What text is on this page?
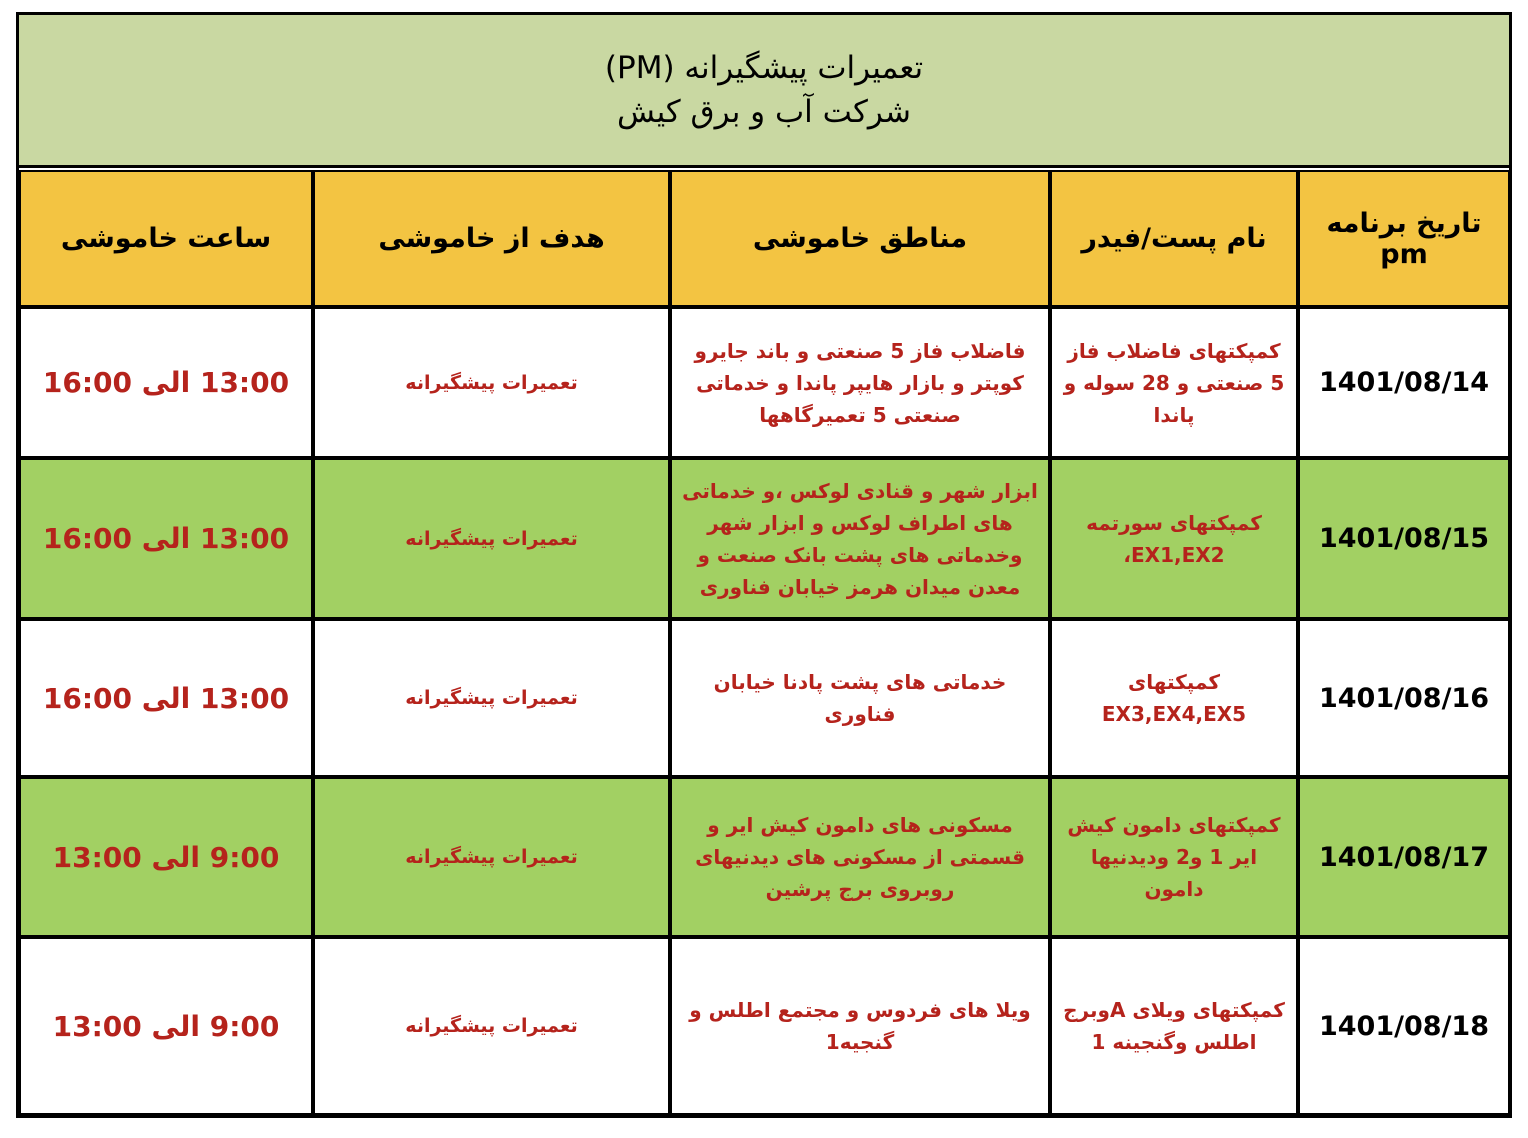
تعمیرات پیشگیرانه (PM)
شرکت آب و برق کیش
تاریخ برنامه pm
نام پست/فیدر
مناطق خاموشی
هدف از خاموشی
ساعت خاموشی
1401/08/14
کمپکتهای فاضلاب فاز 5 صنعتی و 28 سوله و پاندا
فاضلاب فاز 5 صنعتی و باند جایرو کوپتر و بازار هایپر پاندا و خدماتی صنعتی 5 تعمیرگاهها
تعمیرات پیشگیرانه
13:00 الی 16:00
1401/08/15
کمپکتهای سورتمه EX1,EX2،
ابزار شهر و قنادی لوکس ،و خدماتی های اطراف لوکس و ابزار شهر وخدماتی های پشت بانک صنعت و معدن میدان هرمز خیابان فناوری
تعمیرات پیشگیرانه
13:00 الی 16:00
1401/08/16
کمپکتهای EX3,EX4,EX5
خدماتی های پشت پادنا خیابان فناوری
تعمیرات پیشگیرانه
13:00 الی 16:00
1401/08/17
کمپکتهای دامون کیش ایر 1 و2 ودیدنیها دامون
مسکونی های دامون کیش ایر و قسمتی از مسکونی های دیدنیهای روبروی برج پرشین
تعمیرات پیشگیرانه
9:00 الی 13:00
1401/08/18
کمپکتهای ویلای Aوبرج اطلس وگنجینه 1
ویلا های فردوس و مجتمع اطلس و گنجیه1
تعمیرات پیشگیرانه
9:00 الی 13:00
